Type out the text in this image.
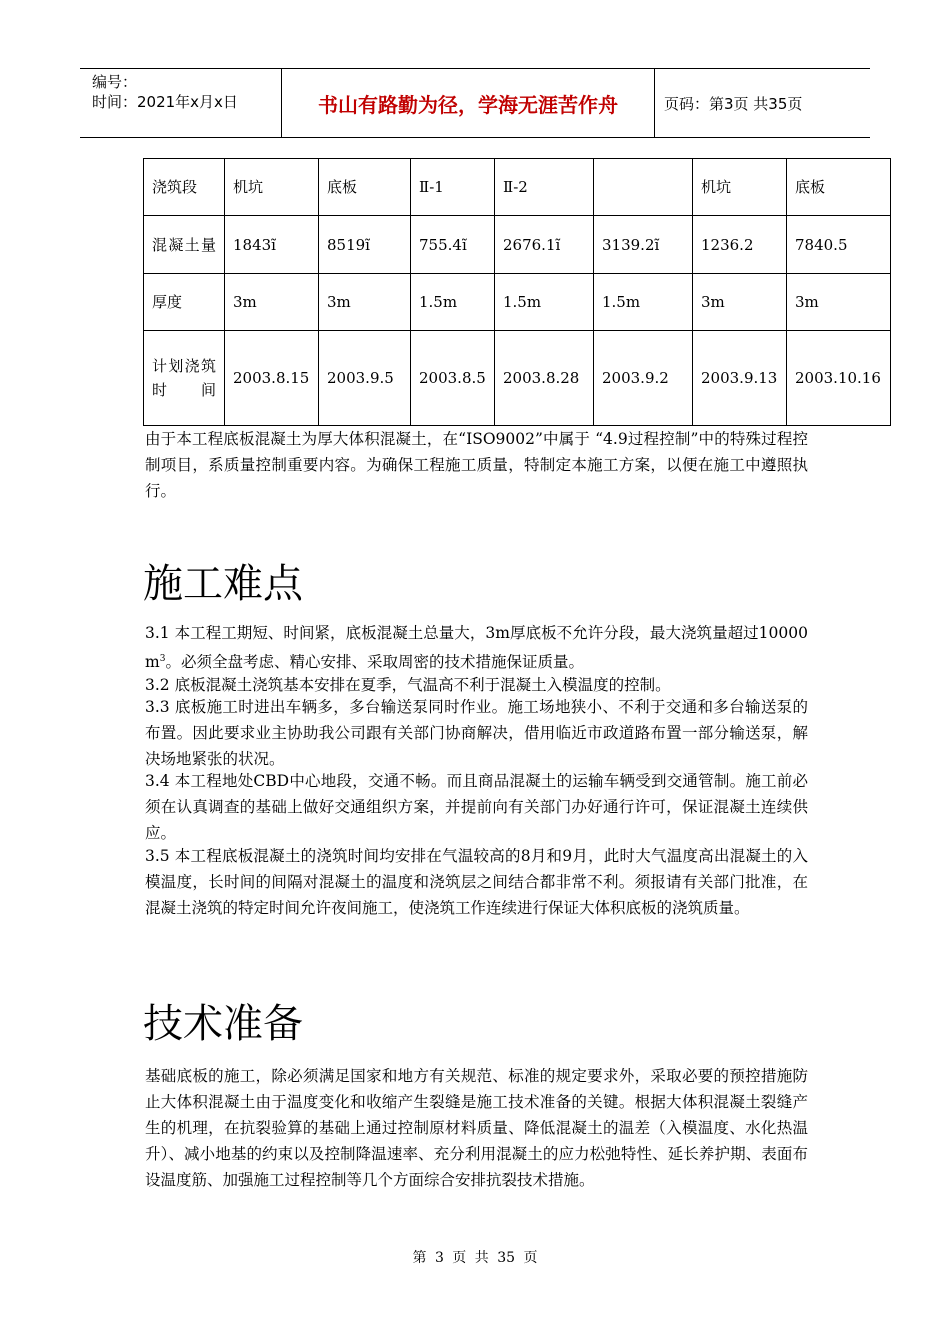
编号：
时间：2021年x月x日	书山有路勤为径，学海无涯苦作舟	页码：第3页 共35页
浇筑段	机坑	底板	Ⅱ-1	Ⅱ-2		机坑	底板
混凝土量	1843ı̃	8519ı̃	755.4ı̃	2676.1ı̃	3139.2ı̃	1236.2	7840.5
厚度	3m	3m	1.5m	1.5m	1.5m	3m	3m
计划浇筑时间	2003.8.15	2003.9.5	2003.8.5	2003.8.28	2003.9.2	2003.9.13	2003.10.16

由于本工程底板混凝土为厚大体积混凝土，在“ISO9002”中属于 “4.9过程控制”中的特殊过程控制项目，系质量控制重要内容。为确保工程施工质量，特制定本施工方案，以便在施工中遵照执行。

施工难点

3.1 本工程工期短、时间紧，底板混凝土总量大，3m厚底板不允许分段，最大浇筑量超过10000 $m^3$。必须全盘考虑、精心安排、采取周密的技术措施保证质量。

3.2 底板混凝土浇筑基本安排在夏季，气温高不利于混凝土入模温度的控制。

3.3 底板施工时进出车辆多，多台输送泵同时作业。施工场地狭小、不利于交通和多台输送泵的布置。因此要求业主协助我公司跟有关部门协商解决，借用临近市政道路布置一部分输送泵，解决场地紧张的状况。

3.4 本工程地处CBD中心地段，交通不畅。而且商品混凝土的运输车辆受到交通管制。施工前必须在认真调查的基础上做好交通组织方案，并提前向有关部门办好通行许可，保证混凝土连续供应。

3.5 本工程底板混凝土的浇筑时间均安排在气温较高的8月和9月，此时大气温度高出混凝土的入模温度，长时间的间隔对混凝土的温度和浇筑层之间结合都非常不利。须报请有关部门批准，在混凝土浇筑的特定时间允许夜间施工，使浇筑工作连续进行保证大体积底板的浇筑质量。

技术准备

基础底板的施工，除必须满足国家和地方有关规范、标准的规定要求外，采取必要的预控措施防止大体积混凝土由于温度变化和收缩产生裂缝是施工技术准备的关键。根据大体积混凝土裂缝产生的机理，在抗裂验算的基础上通过控制原材料质量、降低混凝土的温差（入模温度、水化热温升）、减小地基的约束以及控制降温速率、充分利用混凝土的应力松弛特性、延长养护期、表面布设温度筋、加强施工过程控制等几个方面综合安排抗裂技术措施。

第 3 页 共 35 页
